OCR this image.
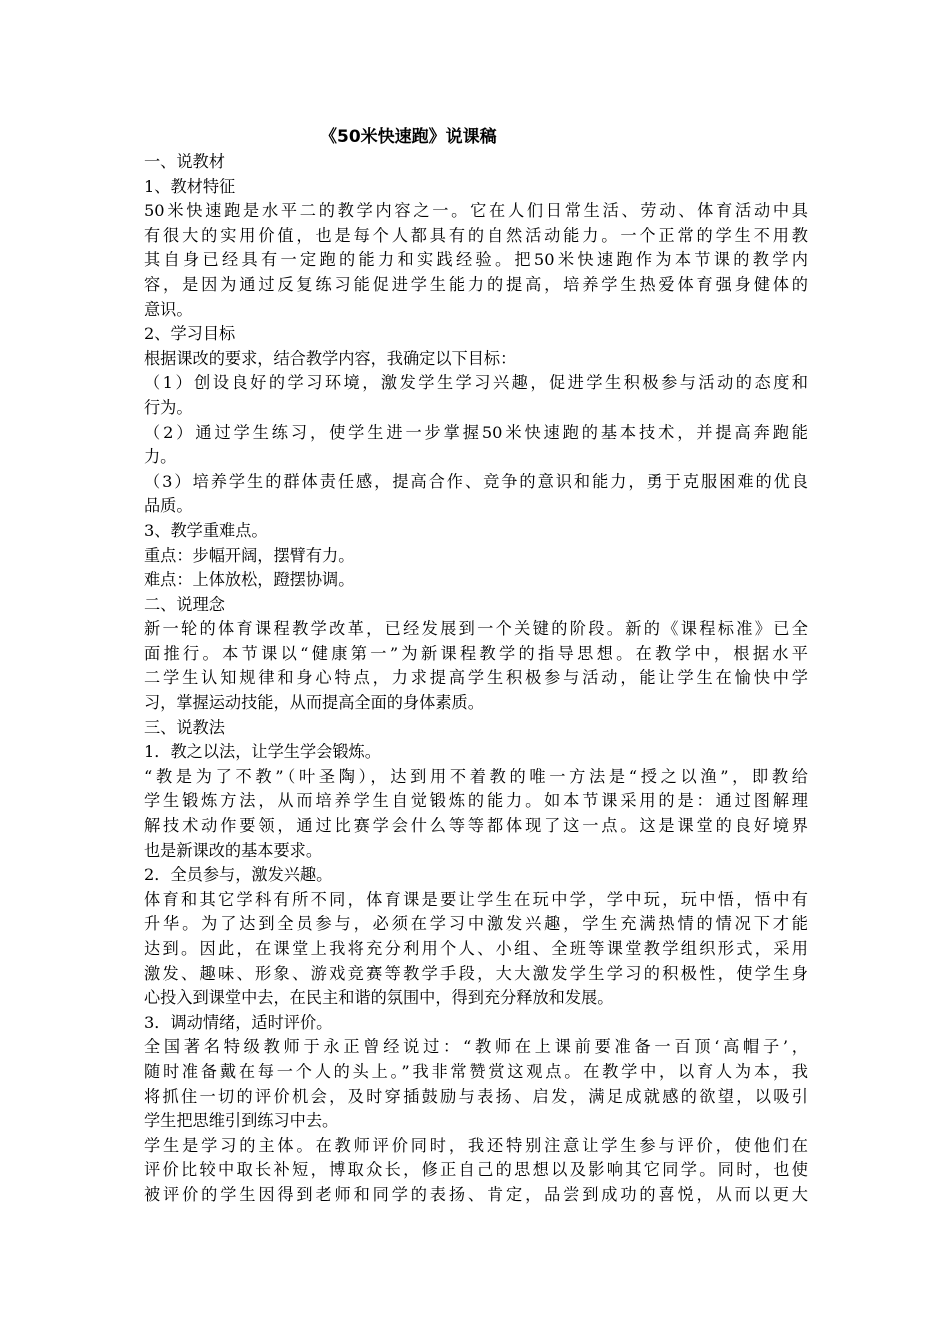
《50米快速跑》说课稿
一、说教材
1、教材特征
50米快速跑是水平二的教学内容之一。它在人们日常生活、劳动、体育活动中具
有很大的实用价值，也是每个人都具有的自然活动能力。一个正常的学生不用教
其自身已经具有一定跑的能力和实践经验。把50米快速跑作为本节课的教学内
容，是因为通过反复练习能促进学生能力的提高，培养学生热爱体育强身健体的
意识。
2、学习目标
根据课改的要求，结合教学内容，我确定以下目标：
（1）创设良好的学习环境，激发学生学习兴趣，促进学生积极参与活动的态度和
行为。
（2）通过学生练习，使学生进一步掌握50米快速跑的基本技术，并提高奔跑能
力。
（3）培养学生的群体责任感，提高合作、竞争的意识和能力，勇于克服困难的优良
品质。
3、教学重难点。
重点：步幅开阔，摆臂有力。
难点：上体放松，蹬摆协调。
二、说理念
新一轮的体育课程教学改革，已经发展到一个关键的阶段。新的《课程标准》已全
面推行。本节课以“健康第一”为新课程教学的指导思想。在教学中，根据水平
二学生认知规律和身心特点，力求提高学生积极参与活动，能让学生在愉快中学
习，掌握运动技能，从而提高全面的身体素质。
三、说教法
1．教之以法，让学生学会锻炼。
“教是为了不教”（叶圣陶），达到用不着教的唯一方法是“授之以渔”，即教给
学生锻炼方法，从而培养学生自觉锻炼的能力。如本节课采用的是：通过图解理
解技术动作要领，通过比赛学会什么等等都体现了这一点。这是课堂的良好境界
也是新课改的基本要求。
2．全员参与，激发兴趣。
体育和其它学科有所不同，体育课是要让学生在玩中学，学中玩，玩中悟，悟中有
升华。为了达到全员参与，必须在学习中激发兴趣，学生充满热情的情况下才能
达到。因此，在课堂上我将充分利用个人、小组、全班等课堂教学组织形式，采用
激发、趣味、形象、游戏竞赛等教学手段，大大激发学生学习的积极性，使学生身
心投入到课堂中去，在民主和谐的氛围中，得到充分释放和发展。
3．调动情绪，适时评价。
全国著名特级教师于永正曾经说过：“教师在上课前要准备一百顶‘高帽子’，
随时准备戴在每一个人的头上。”我非常赞赏这观点。在教学中，以育人为本，我
将抓住一切的评价机会，及时穿插鼓励与表扬、启发，满足成就感的欲望，以吸引
学生把思维引到练习中去。
学生是学习的主体。在教师评价同时，我还特别注意让学生参与评价，使他们在
评价比较中取长补短，博取众长，修正自己的思想以及影响其它同学。同时，也使
被评价的学生因得到老师和同学的表扬、肯定，品尝到成功的喜悦，从而以更大
